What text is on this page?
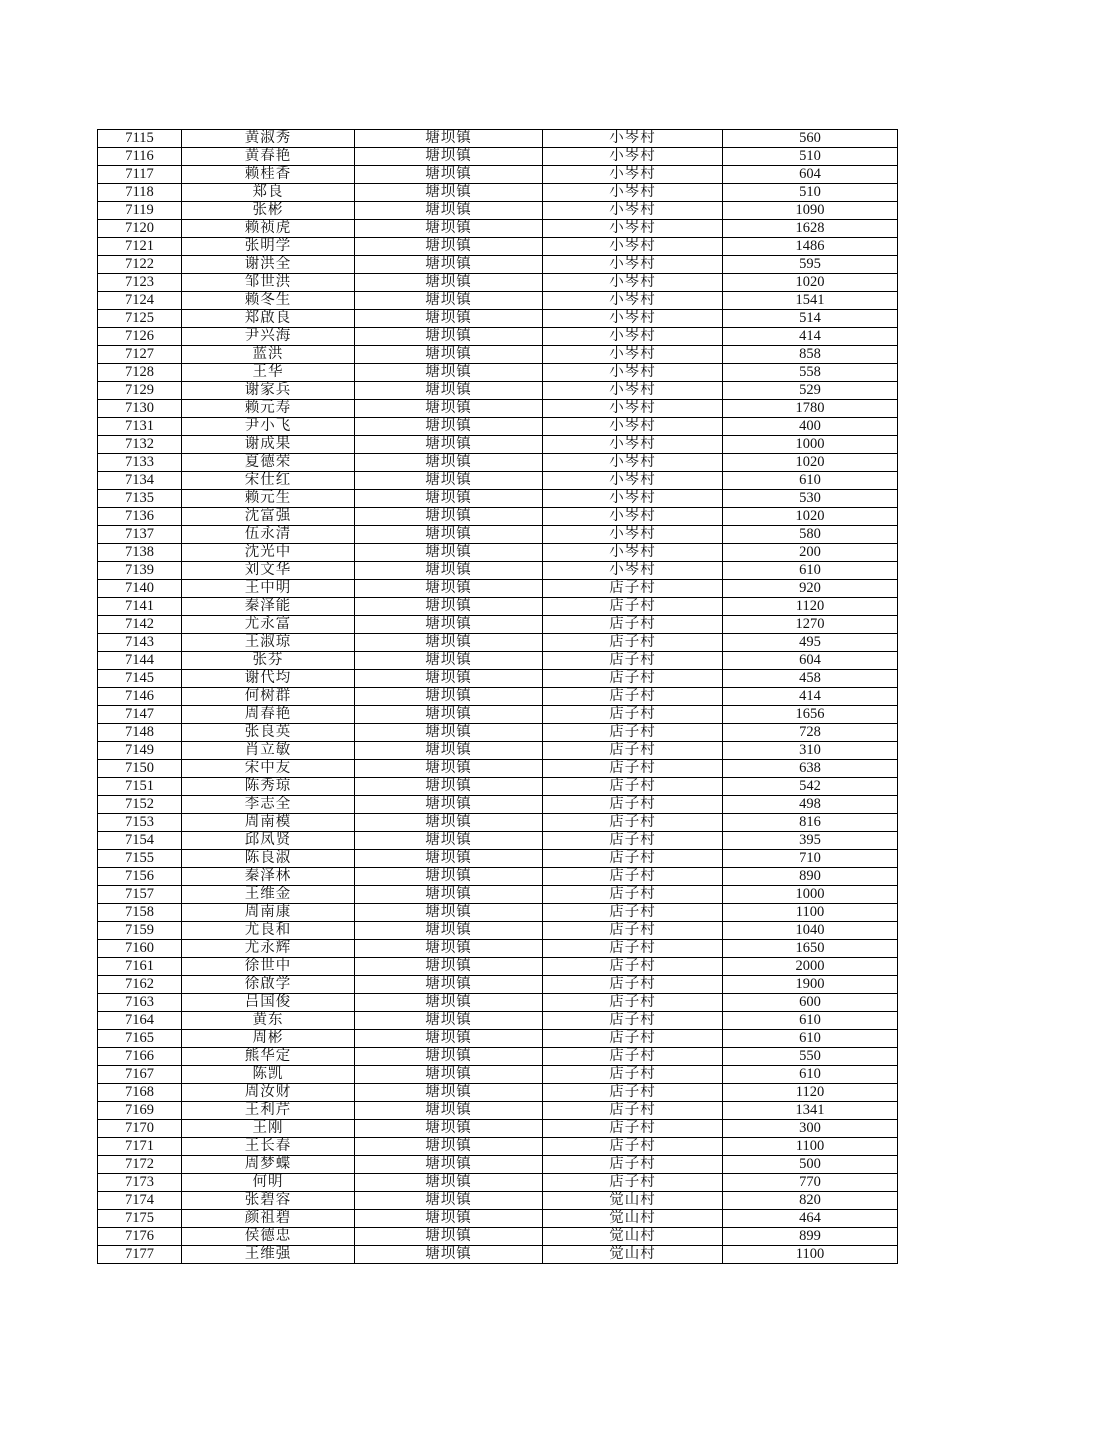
7115	黄淑秀	塘坝镇	小岑村	560
7116	黄春艳	塘坝镇	小岑村	510
7117	赖桂香	塘坝镇	小岑村	604
7118	郑良	塘坝镇	小岑村	510
7119	张彬	塘坝镇	小岑村	1090
7120	赖祯虎	塘坝镇	小岑村	1628
7121	张明学	塘坝镇	小岑村	1486
7122	谢洪全	塘坝镇	小岑村	595
7123	邹世洪	塘坝镇	小岑村	1020
7124	赖冬生	塘坝镇	小岑村	1541
7125	郑啟良	塘坝镇	小岑村	514
7126	尹兴海	塘坝镇	小岑村	414
7127	蓝洪	塘坝镇	小岑村	858
7128	王华	塘坝镇	小岑村	558
7129	谢家兵	塘坝镇	小岑村	529
7130	赖元寿	塘坝镇	小岑村	1780
7131	尹小飞	塘坝镇	小岑村	400
7132	谢成果	塘坝镇	小岑村	1000
7133	夏德荣	塘坝镇	小岑村	1020
7134	宋仕红	塘坝镇	小岑村	610
7135	赖元生	塘坝镇	小岑村	530
7136	沈富强	塘坝镇	小岑村	1020
7137	伍永清	塘坝镇	小岑村	580
7138	沈光中	塘坝镇	小岑村	200
7139	刘文华	塘坝镇	小岑村	610
7140	王中明	塘坝镇	店子村	920
7141	秦泽能	塘坝镇	店子村	1120
7142	尤永富	塘坝镇	店子村	1270
7143	王淑琼	塘坝镇	店子村	495
7144	张芬	塘坝镇	店子村	604
7145	谢代均	塘坝镇	店子村	458
7146	何树群	塘坝镇	店子村	414
7147	周春艳	塘坝镇	店子村	1656
7148	张良英	塘坝镇	店子村	728
7149	肖立敏	塘坝镇	店子村	310
7150	宋中友	塘坝镇	店子村	638
7151	陈秀琼	塘坝镇	店子村	542
7152	李志全	塘坝镇	店子村	498
7153	周南模	塘坝镇	店子村	816
7154	邱凤贤	塘坝镇	店子村	395
7155	陈良淑	塘坝镇	店子村	710
7156	秦泽林	塘坝镇	店子村	890
7157	王维金	塘坝镇	店子村	1000
7158	周南康	塘坝镇	店子村	1100
7159	尤良和	塘坝镇	店子村	1040
7160	尤永辉	塘坝镇	店子村	1650
7161	徐世中	塘坝镇	店子村	2000
7162	徐啟学	塘坝镇	店子村	1900
7163	吕国俊	塘坝镇	店子村	600
7164	黄东	塘坝镇	店子村	610
7165	周彬	塘坝镇	店子村	610
7166	熊华定	塘坝镇	店子村	550
7167	陈凯	塘坝镇	店子村	610
7168	周汝财	塘坝镇	店子村	1120
7169	王利芹	塘坝镇	店子村	1341
7170	王刚	塘坝镇	店子村	300
7171	王长春	塘坝镇	店子村	1100
7172	周梦蝶	塘坝镇	店子村	500
7173	何明	塘坝镇	店子村	770
7174	张碧容	塘坝镇	觉山村	820
7175	颜祖碧	塘坝镇	觉山村	464
7176	侯德忠	塘坝镇	觉山村	899
7177	王维强	塘坝镇	觉山村	1100
